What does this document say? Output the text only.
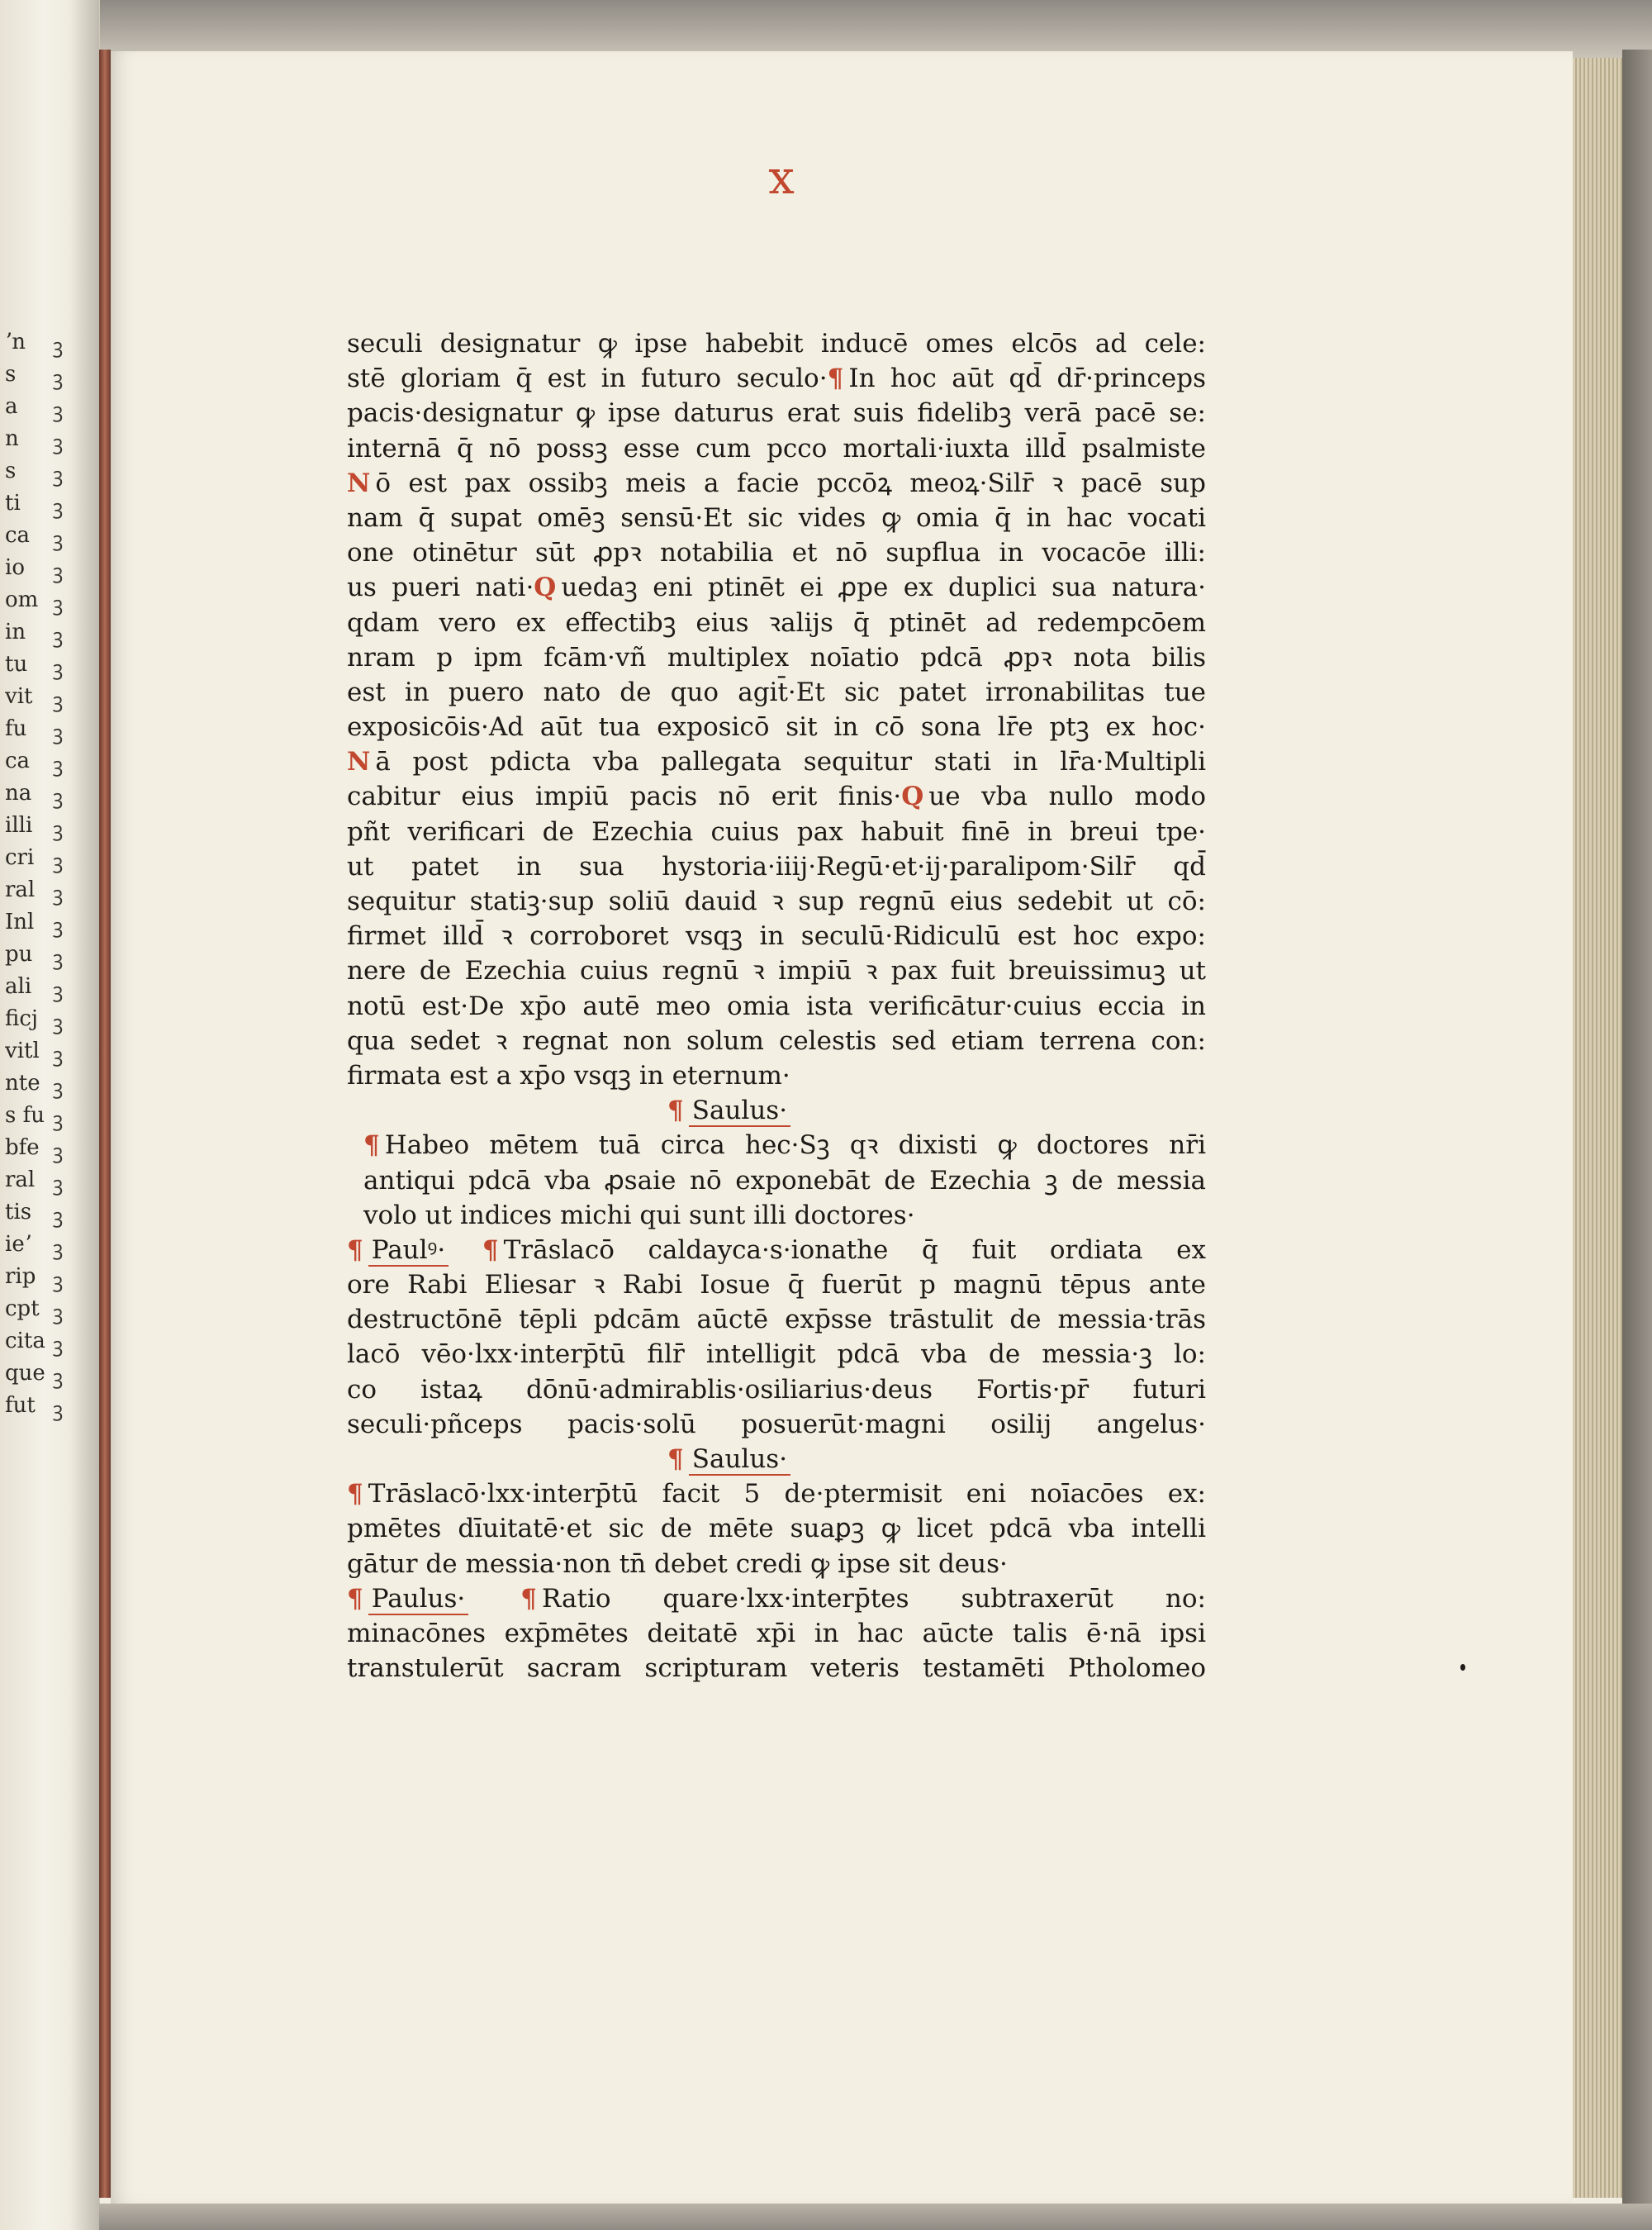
ʼn
s
a
n
s
ti
ca
io
om
in
tu
vit
fu
ca
na
illi
cri
ral
Inl
pu
ali
ficj
vitl
nte
s fu
bfe
ral
tis
ieʼ
rip
cpt
cita
que
fut
ꝫ
ꝫ
ꝫ
ꝫ
ꝫ
ꝫ
ꝫ
ꝫ
ꝫ
ꝫ
ꝫ
ꝫ
ꝫ
ꝫ
ꝫ
ꝫ
ꝫ
ꝫ
ꝫ
ꝫ
ꝫ
ꝫ
ꝫ
ꝫ
ꝫ
ꝫ
ꝫ
ꝫ
ꝫ
ꝫ
ꝫ
ꝫ
ꝫ
ꝫ
x
seculi designatur ꝙ ipse habebit inducē omes elcōs ad cele:
stē gloriam q̄ est in futuro seculo·¶ In hoc aūt qd̄ dr̄·princeps
pacis·designatur ꝙ ipse daturus erat suis fidelibꝫ verā pacē se:
internā q̄ nō possꝫ esse cum pcco mortali·iuxta illd̄ psalmiste
N ō est pax ossibꝫ meis a facie pccōꝝ meoꝝ·Silr̄ ꝛ pacē sup
nam q̄ supat omēꝫ sensū·Et sic vides ꝙ omia q̄ in hac vocati
one otinētur sūt ꝓpꝛ notabilia et nō supflua in vocacōe illi:
us pueri nati·Q uedaꝫ eni ptinēt ei ꝓpe ex duplici sua natura·
qdam vero ex effectibꝫ eius ꝛalijs q̄ ptinēt ad redempcōem
nram p ipm fcām·vñ multiplex noīatio pdcā ꝓpꝛ nota bilis
est in puero nato de quo agit̄·Et sic patet irronabilitas tue
exposicōis·Ad aūt tua exposicō sit in cō sona lr̄e ptꝫ ex hoc·
N ā post pdicta vba pallegata sequitur stati in lr̄a·Multipli
cabitur eius impiū pacis nō erit finis·Q ue vba nullo modo
pñt verificari de Ezechia cuius pax habuit finē in breui tpe·
ut patet in sua hystoria·iiij·Regū·et·ij·paralipom·Silr̄ qd̄
sequitur statiꝫ·sup soliū dauid ꝛ sup regnū eius sedebit ut cō:
firmet illd̄ ꝛ corroboret vsqꝫ in seculū·Ridiculū est hoc expo:
nere de Ezechia cuius regnū ꝛ impiū ꝛ pax fuit breuissimuꝫ ut
notū est·De xp̄o autē meo omia ista verificātur·cuius eccia in
qua sedet ꝛ regnat non solum celestis sed etiam terrena con:
firmata est a xp̄o vsqꝫ in eternum·
¶ Saulus·
¶ Habeo mētem tuā circa hec·Sꝫ qꝛ dixisti ꝙ doctores nr̄i
antiqui pdcā vba ꝓsaie nō exponebāt de Ezechia ꝫ de messia
volo ut indices michi qui sunt illi doctores·
¶ Paulꝰ· ¶ Trāslacō caldayca·s·ionathe q̄ fuit ordiata ex
ore Rabi Eliesar ꝛ Rabi Iosue q̄ fuerūt p magnū tēpus ante
destructōnē tēpli pdcām aūctē exp̄sse trāstulit de messia·trās
lacō vēo·lxx·interp̄tū filr̄ intelligit pdcā vba de messia·ꝫ lo:
co istaꝝ dōnū·admirablis·osiliarius·deus Fortis·pr̄ futuri
seculi·pñceps pacis·solū posuerūt·magni osilij angelus·
¶ Saulus·
¶ Trāslacō·lxx·interp̄tū facit 5 de·ptermisit eni noīacōes ex:
pmētes dīuitatē·et sic de mēte suaꝑꝫ ꝙ licet pdcā vba intelli
gātur de messia·non tn̄ debet credi ꝙ ipse sit deus·
¶ Paulus· ¶ Ratio quare·lxx·interp̄tes subtraxerūt no:
minacōnes exp̄mētes deitatē xp̄i in hac aūcte talis ē·nā ipsi
transtulerūt sacram scripturam veteris testamēti Ptholomeo
